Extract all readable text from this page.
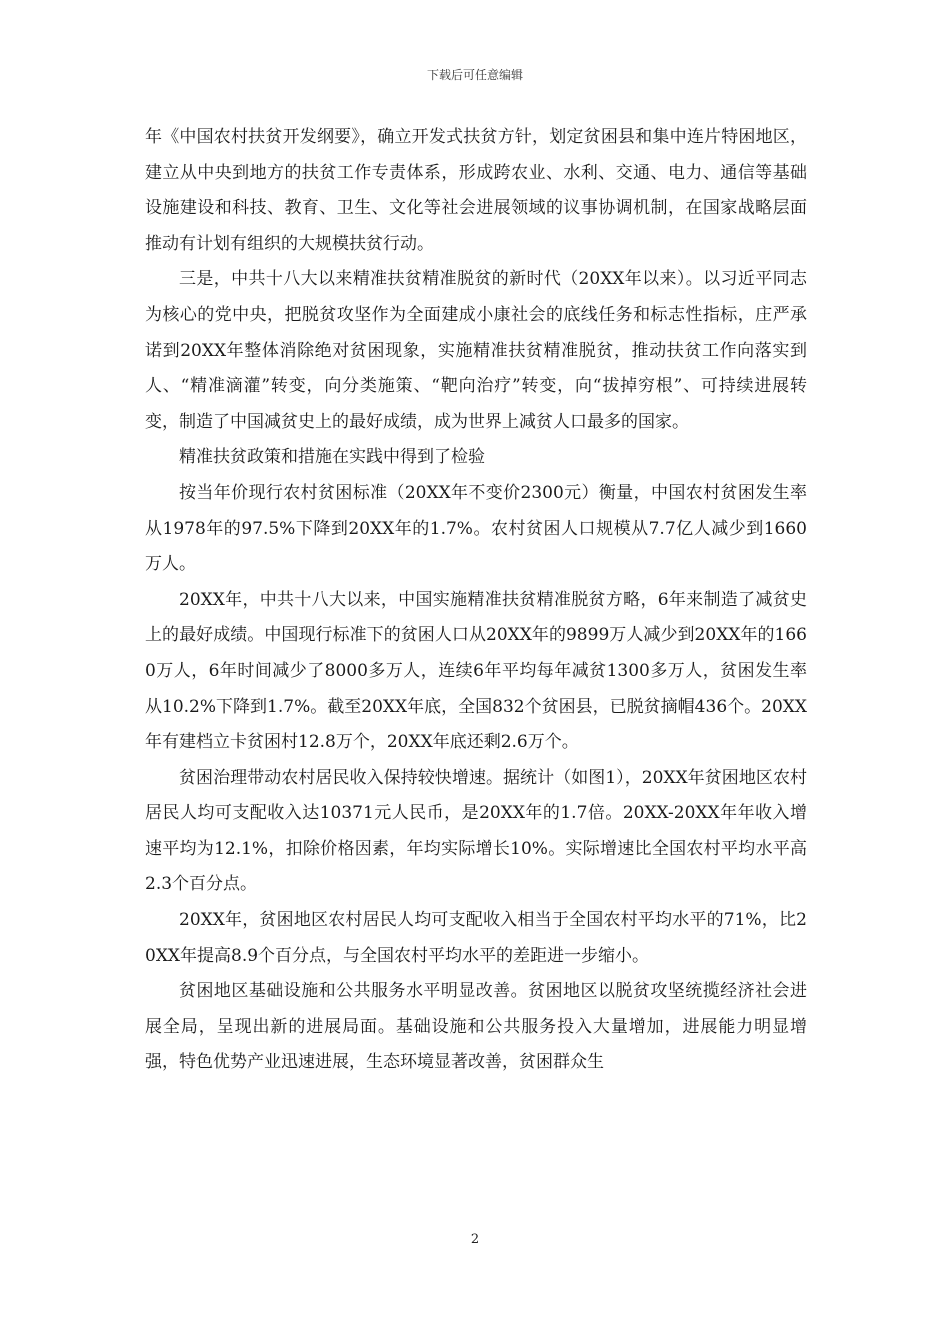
下载后可任意编辑

年《中国农村扶贫开发纲要》，确立开发式扶贫方针，划定贫困县和集中连片特困地区，建立从中央到地方的扶贫工作专责体系，形成跨农业、水利、交通、电力、通信等基础设施建设和科技、教育、卫生、文化等社会进展领域的议事协调机制，在国家战略层面推动有计划有组织的大规模扶贫行动。

三是，中共十八大以来精准扶贫精准脱贫的新时代（20XX年以来）。以习近平同志为核心的党中央，把脱贫攻坚作为全面建成小康社会的底线任务和标志性指标，庄严承诺到20XX年整体消除绝对贫困现象，实施精准扶贫精准脱贫，推动扶贫工作向落实到人、“精准滴灌”转变，向分类施策、“靶向治疗”转变，向“拔掉穷根”、可持续进展转变，制造了中国减贫史上的最好成绩，成为世界上减贫人口最多的国家。

精准扶贫政策和措施在实践中得到了检验

按当年价现行农村贫困标准（20XX年不变价2300元）衡量，中国农村贫困发生率从1978年的97.5%下降到20XX年的1.7%。农村贫困人口规模从7.7亿人减少到1660万人。

20XX年，中共十八大以来，中国实施精准扶贫精准脱贫方略，6年来制造了减贫史上的最好成绩。中国现行标准下的贫困人口从20XX年的9899万人减少到20XX年的1660万人，6年时间减少了8000多万人，连续6年平均每年减贫1300多万人，贫困发生率从10.2%下降到1.7%。截至20XX年底，全国832个贫困县，已脱贫摘帽436个。20XX年有建档立卡贫困村12.8万个，20XX年底还剩2.6万个。

贫困治理带动农村居民收入保持较快增速。据统计（如图1），20XX年贫困地区农村居民人均可支配收入达10371元人民币，是20XX年的1.7倍。20XX-20XX年年收入增速平均为12.1%，扣除价格因素，年均实际增长10%。实际增速比全国农村平均水平高2.3个百分点。

20XX年，贫困地区农村居民人均可支配收入相当于全国农村平均水平的71%，比20XX年提高8.9个百分点，与全国农村平均水平的差距进一步缩小。

贫困地区基础设施和公共服务水平明显改善。贫困地区以脱贫攻坚统揽经济社会进展全局，呈现出新的进展局面。基础设施和公共服务投入大量增加，进展能力明显增强，特色优势产业迅速进展，生态环境显著改善，贫困群众生

2
